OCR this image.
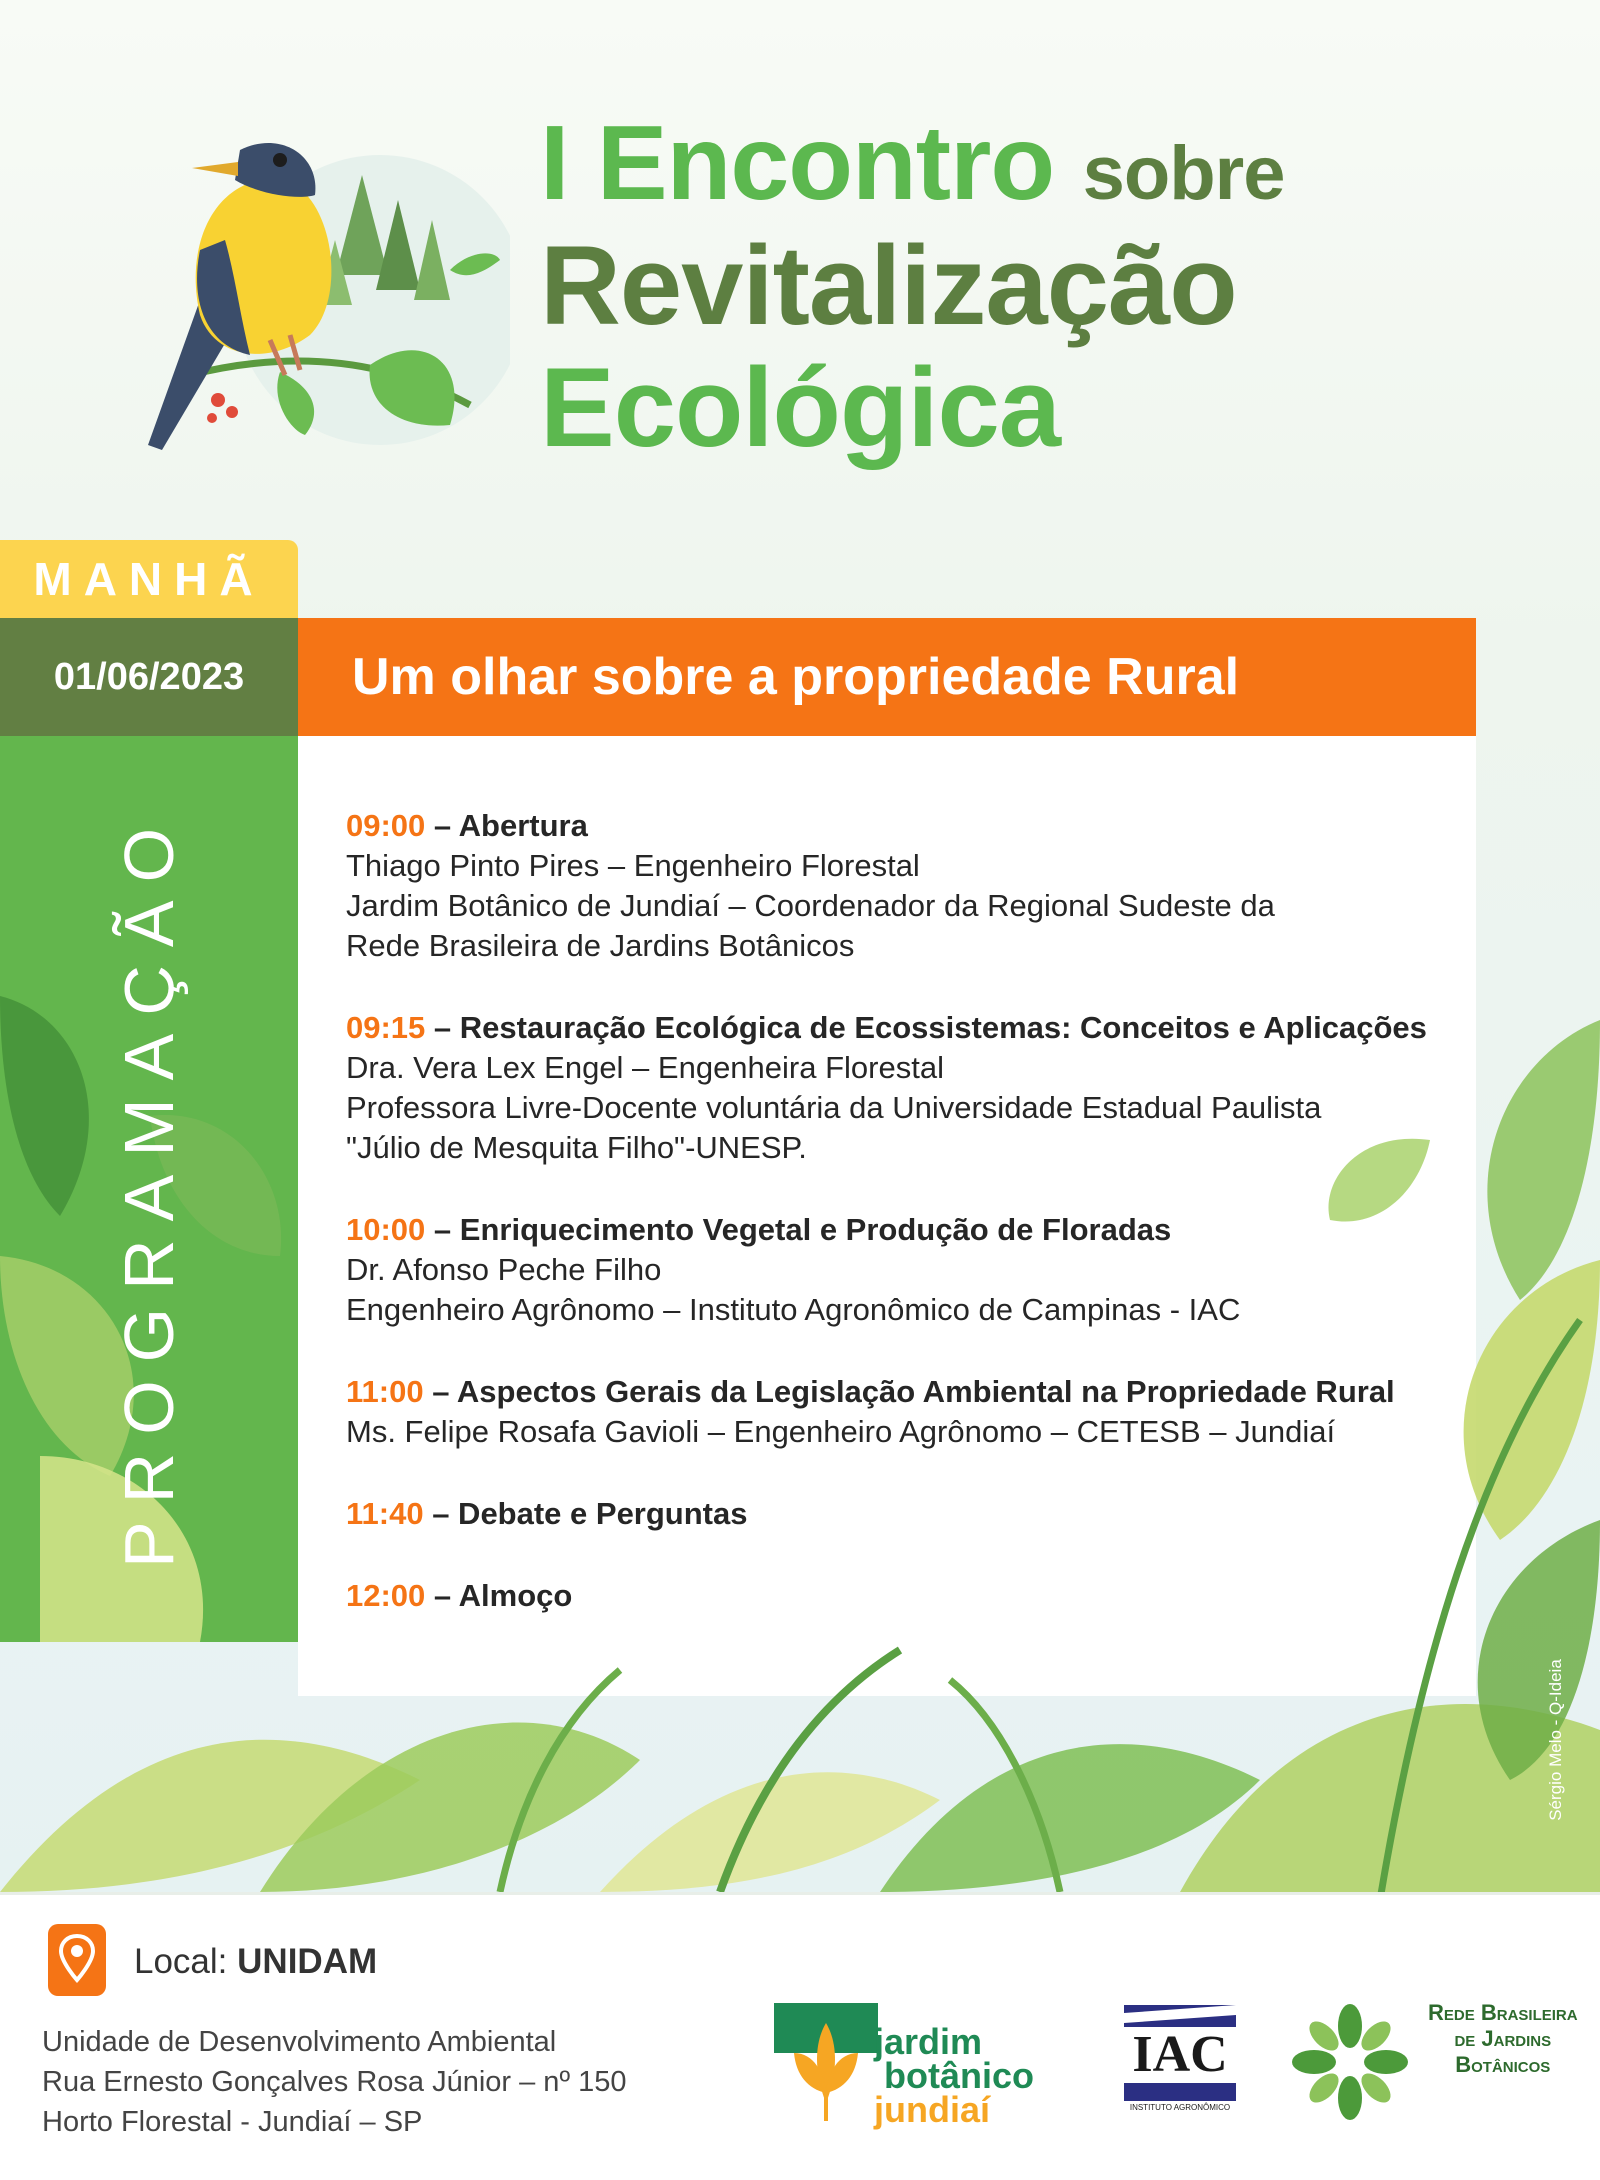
I Encontro sobre
Revitalização
Ecológica
MANHÃ
01/06/2023
PROGRAMAÇÃO
Um olhar sobre a propriedade Rural
09:00 – Abertura
Thiago Pinto Pires – Engenheiro Florestal
Jardim Botânico de Jundiaí – Coordenador da Regional Sudeste da
Rede Brasileira de Jardins Botânicos
09:15 – Restauração Ecológica de Ecossistemas: Conceitos e Aplicações
Dra. Vera Lex Engel – Engenheira Florestal
Professora Livre-Docente voluntária da Universidade Estadual Paulista
"Júlio de Mesquita Filho"-UNESP.
10:00 – Enriquecimento Vegetal e Produção de Floradas
Dr. Afonso Peche Filho
Engenheiro Agrônomo – Instituto Agronômico de Campinas - IAC
11:00 – Aspectos Gerais da Legislação Ambiental na Propriedade Rural
Ms. Felipe Rosafa Gavioli – Engenheiro Agrônomo – CETESB – Jundiaí
11:40 – Debate e Perguntas
12:00 – Almoço
Sérgio Melo - Q-Ideia
Local: UNIDAM
Unidade de Desenvolvimento Ambiental
Rua Ernesto Gonçalves Rosa Júnior – nº 150
Horto Florestal - Jundiaí – SP
jardim
botânico
jundiaí
IAC
INSTITUTO AGRONÔMICO
Rede Brasileira
de Jardins
Botânicos
